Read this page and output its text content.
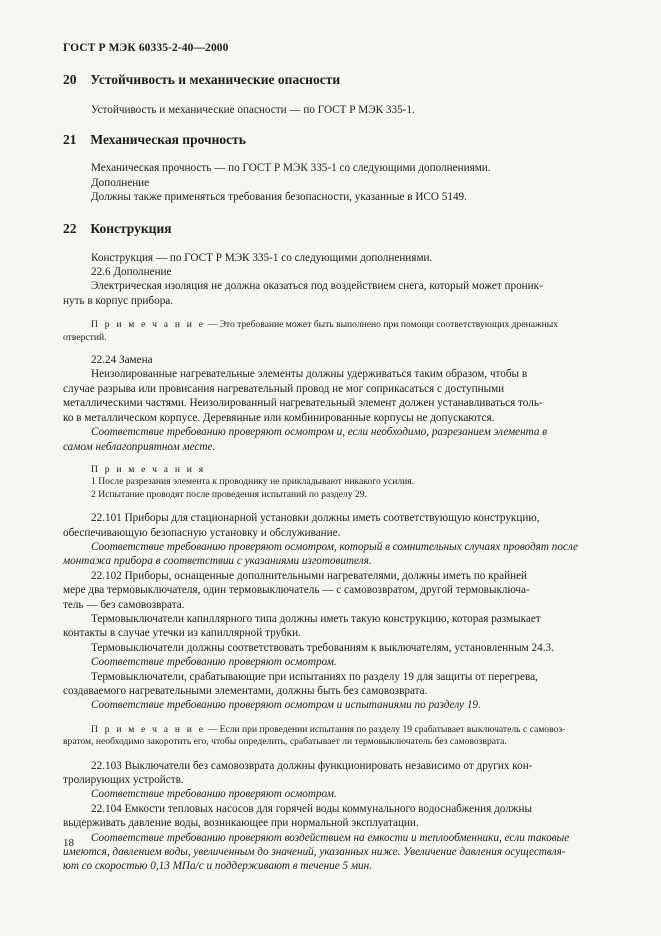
ГОСТ Р МЭК 60335-2-40—2000
20 Устойчивость и механические опасности

Устойчивость и механические опасности — по ГОСТ Р МЭК 335-1.

21 Механическая прочность

Механическая прочность — по ГОСТ Р МЭК 335-1 со следующими дополнениями.

Дополнение

Должны также применяться требования безопасности, указанные в ИСО 5149.

22 Конструкция

Конструкция — по ГОСТ Р МЭК 335-1 со следующими дополнениями.

22.6 Дополнение

Электрическая изоляция не должна оказаться под воздействием снега, который может проник-

нуть в корпус прибора.

П р и м е ч а н и е — Это требование может быть выполнено при помощи соответствующих дренажных

отверстий.

22.24 Замена

Неизолированные нагревательные элементы должны удерживаться таким образом, чтобы в

случае разрыва или провисания нагревательный провод не мог соприкасаться с доступными

металлическими частями. Неизолированный нагревательный элемент должен устанавливаться толь-

ко в металлическом корпусе. Деревянные или комбинированные корпусы не допускаются.

Соответствие требованию проверяют осмотром и, если необходимо, разрезанием элемента в

самом неблагоприятном месте.

П р и м е ч а н и я

1 После разрезания элемента к проводнику не прикладывают никакого усилия.

2 Испытание проводят после проведения испытаний по разделу 29.

22.101 Приборы для стационарной установки должны иметь соответствующую конструкцию,

обеспечивающую безопасную установку и обслуживание.

Соответствие требованию проверяют осмотром, который в сомнительных случаях проводят после

монтажа прибора в соответствии с указаниями изготовителя.

22.102 Приборы, оснащенные дополнительными нагревателями, должны иметь по крайней

мере два термовыключателя, один термовыключатель — с самовозвратом, другой термовыключа-

тель — без самовозврата.

Термовыключатели капиллярного типа должны иметь такую конструкцию, которая размыкает

контакты в случае утечки из капиллярной трубки.

Термовыключатели должны соответствовать требованиям к выключателям, установленным 24.3.

Соответствие требованию проверяют осмотром.

Термовыключатели, срабатывающие при испытаниях по разделу 19 для защиты от перегрева,

создаваемого нагревательными элементами, должны быть без самовозврата.

Соответствие требованию проверяют осмотром и испытаниями по разделу 19.

П р и м е ч а н и е — Если при проведении испытания по разделу 19 срабатывает выключатель с самовоз-

вратом, необходимо закоротить его, чтобы определить, срабатывает ли термовыключатель без самовозврата.

22.103 Выключатели без самовозврата должны функционировать независимо от других кон-

тролирующих устройств.

Соответствие требованию проверяют осмотром.

22.104 Емкости тепловых насосов для горячей воды коммунального водоснабжения должны

выдерживать давление воды, возникающее при нормальной эксплуатации.

Соответствие требованию проверяют воздействием на емкости и теплообменники, если таковые

имеются, давлением воды, увеличенным до значений, указанных ниже. Увеличение давления осуществля-

ют со скоростью 0,13 МПа/с и поддерживают в течение 5 мин.

18
